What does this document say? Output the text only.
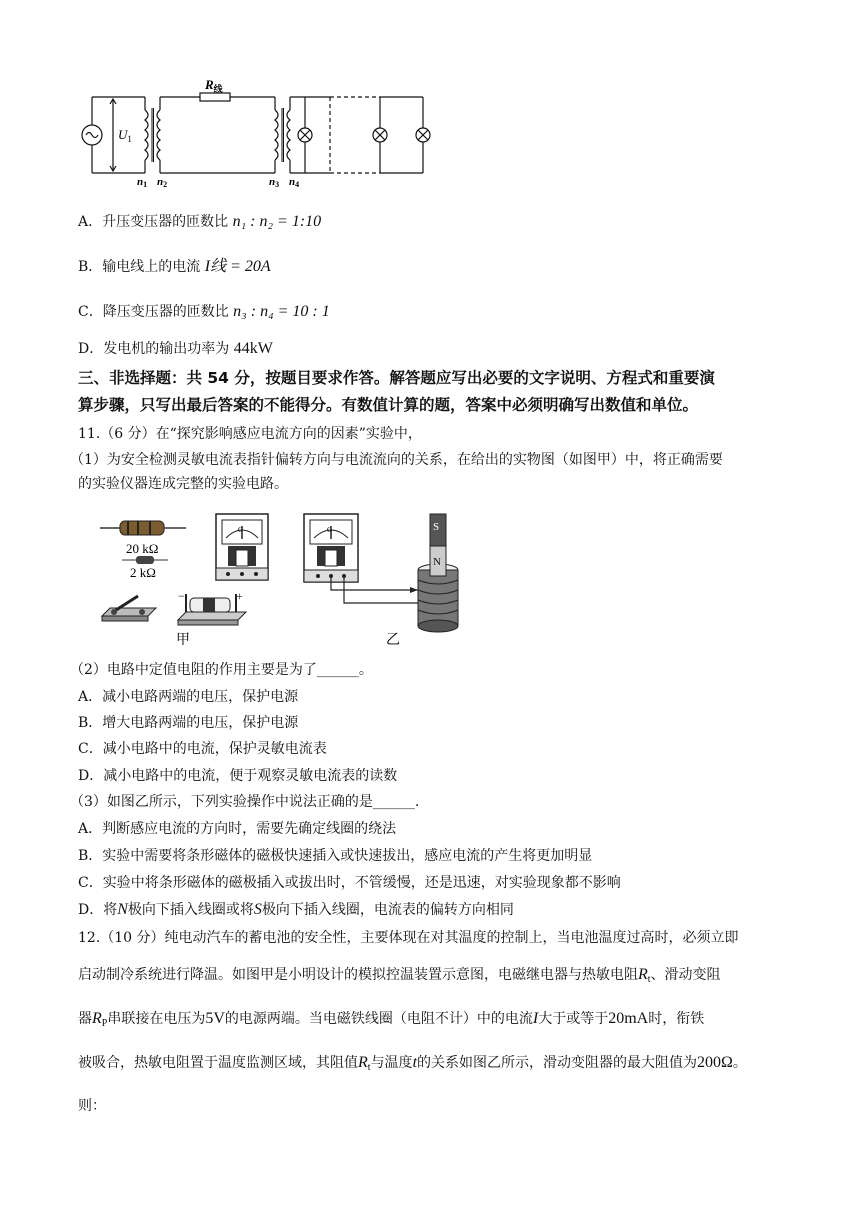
$R_线$
$U_1$
n1 n2	n3 n4
A．升压变压器的匝数比 n₁ : n₂ = 1:10
B．输电线上的电流 I线 = 20A
C．降压变压器的匝数比 n₃ : n₄ = 10 : 1
D．发电机的输出功率为 44kW
三、非选择题：共 54 分，按题目要求作答。解答题应写出必要的文字说明、方程式和重要演
算步骤，只写出最后答案的不能得分。有数值计算的题，答案中必须明确写出数值和单位。
11.（6 分）在“探究影响感应电流方向的因素”实验中，
（1）为安全检测灵敏电流表指针偏转方向与电流流向的关系，在给出的实物图（如图甲）中，将正确需要
的实验仪器连成完整的实验电路。
20 kΩ
2 kΩ
−	+
甲
G	G	S
N
乙
（2）电路中定值电阻的作用主要是为了______。
A．减小电路两端的电压，保护电源
B．增大电路两端的电压，保护电源
C．减小电路中的电流，保护灵敏电流表
D．减小电路中的电流，便于观察灵敏电流表的读数
（3）如图乙所示，下列实验操作中说法正确的是______.
A．判断感应电流的方向时，需要先确定线圈的绕法
B．实验中需要将条形磁体的磁极快速插入或快速拔出，感应电流的产生将更加明显
C．实验中将条形磁体的磁极插入或拔出时，不管缓慢，还是迅速，对实验现象都不影响
D．将N极向下插入线圈或将S极向下插入线圈，电流表的偏转方向相同
12.（10 分）纯电动汽车的蓄电池的安全性，主要体现在对其温度的控制上，当电池温度过高时，必须立即
启动制冷系统进行降温。如图甲是小明设计的模拟控温装置示意图，电磁继电器与热敏电阻$R_t$、滑动变阻
器$R_P$串联接在电压为5V的电源两端。当电磁铁线圈（电阻不计）中的电流I大于或等于20mA时，衔铁
被吸合，热敏电阻置于温度监测区域，其阻值$R_t$与温度t的关系如图乙所示，滑动变阻器的最大阻值为200Ω。
则：
